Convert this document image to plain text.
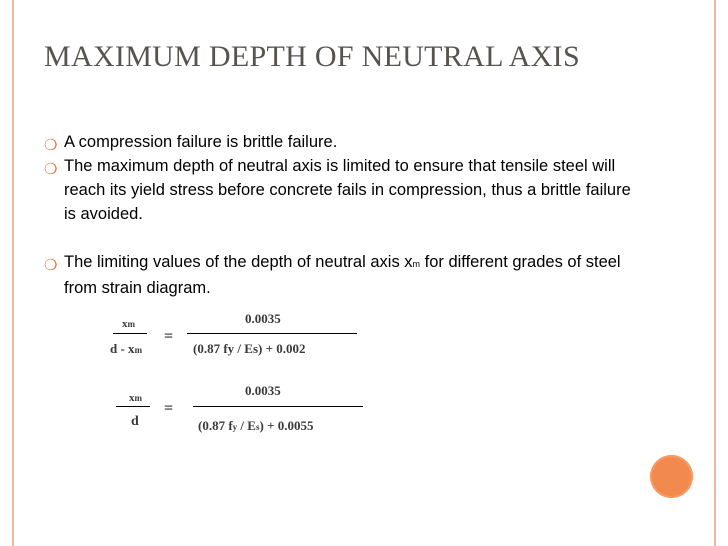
MAXIMUM DEPTH OF NEUTRAL AXIS
❍ A compression failure is brittle failure.
❍ The maximum depth of neutral axis is limited to ensure that tensile steel will reach its yield stress before concrete fails in compression, thus a brittle failure is avoided.
❍ The limiting values of the depth of neutral axis xm for different grades of steel from strain diagram.
xm
d - xm
=
0.0035
(0.87 fy / Es) + 0.002
xm
d
=
0.0035
(0.87 fy / Es) + 0.0055
